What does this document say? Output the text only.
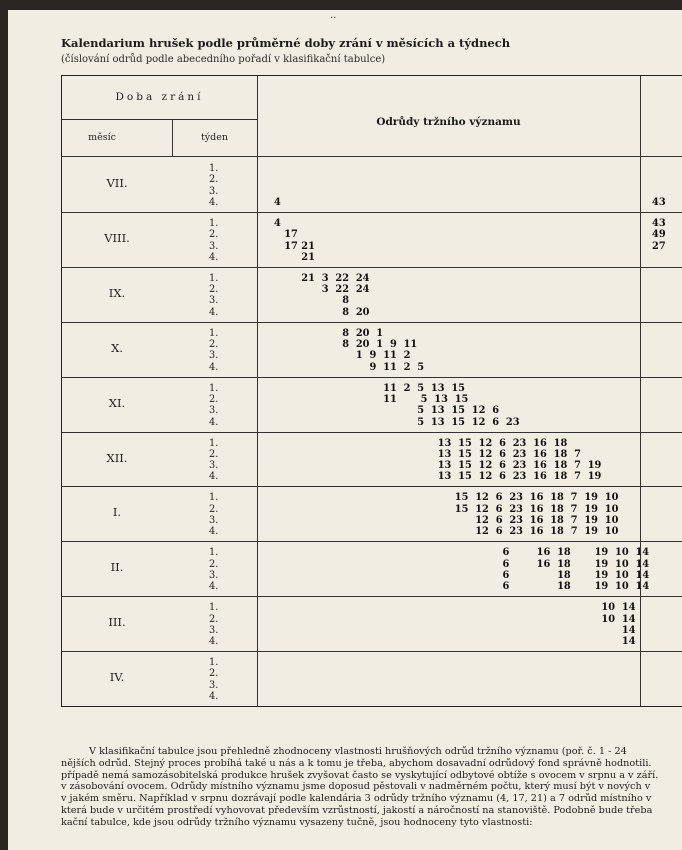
..
Kalendarium hrušek podle průměrné doby zrání v měsících a týdnech
(číslování odrůd podle abecedního pořadí v klasifikační tabulce)
Doba zrání
měsíc	týden
Odrůdy tržního významu
VII.
1.
2.
3.
4.	4	43
VIII.
1.	4	43
2.	17	49
3.	17 21	27
4.	21
IX.
1.	21  3  22  24
2.	3  22  24
3.	8
4.	8  20
X.
1.	8  20  1
2.	8  20  1  9  11
3.	1  9  11  2
4.	9  11  2  5
XI.
1.	11  2  5  13  15
2.	11       5  13  15
3.	5  13  15  12  6
4.	5  13  15  12  6  23
XII.
1.	13  15  12  6  23  16  18
2.	13  15  12  6  23  16  18  7
3.	13  15  12  6  23  16  18  7  19
4.	13  15  12  6  23  16  18  7  19
I.
1.	15  12  6  23  16  18  7  19  10
2.	15  12  6  23  16  18  7  19  10
3.	12  6  23  16  18  7  19  10
4.	12  6  23  16  18  7  19  10
II.
1.	6        16  18       19  10  14
2.	6        16  18       19  10  14
3.	6              18       19  10  14
4.	6              18       19  10  14
III.
1.	10  14
2.	10  14
3.	14
4.	14
IV.
1.
2.
3.
4.
V klasifikační tabulce jsou přehledně zhodnoceny vlastnosti hrušňových odrůd tržního významu (poř. č. 1 - 24
nějších odrůd. Stejný proces probíhá také u nás a k tomu je třeba, abychom dosavadní odrůdový fond správně hodnotili.
případě nemá samozásobitelská produkce hrušek zvyšovat často se vyskytující odbytové obtíže s ovocem v srpnu a v září.
v zásobování ovocem. Odrůdy místního významu jsme doposud pěstovali v nadměrném počtu, který musí být v nových v
v jakém směru. Například v srpnu dozrávají podle kalendária 3 odrůdy tržního významu (4, 17, 21) a 7 odrůd místního v
která bude v určitém prostředí vyhovovat především vzrůstností, jakostí a náročností na stanoviště. Podobně bude třeba
kační tabulce, kde jsou odrůdy tržního významu vysazeny tučně, jsou hodnoceny tyto vlastnosti:
